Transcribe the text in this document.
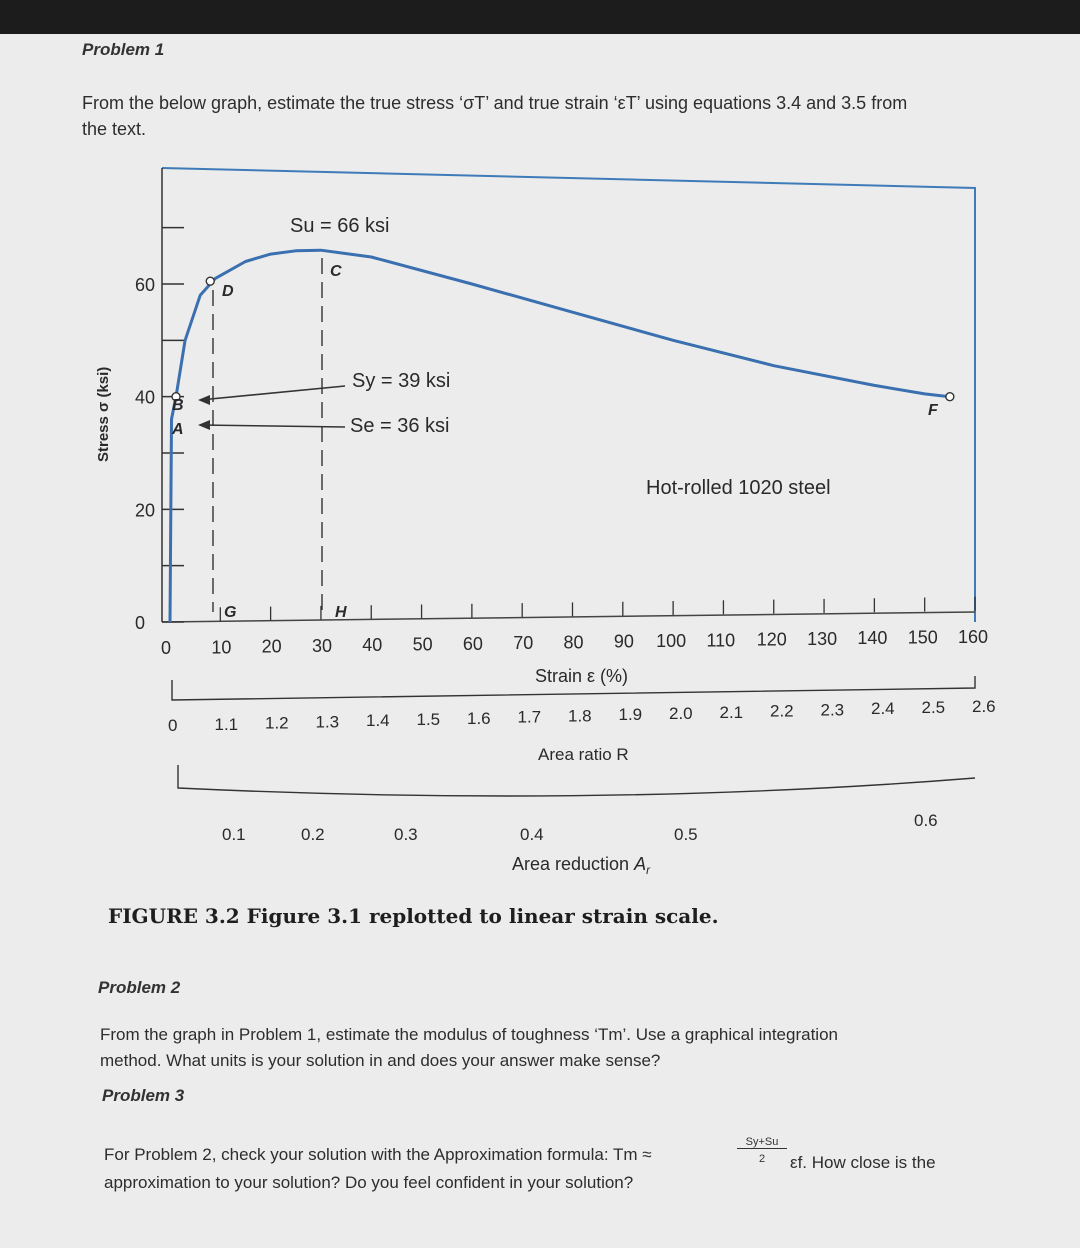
Problem 1

From the below graph, estimate the true stress ‘σT’ and true strain ‘εT’ using equations 3.4 and 3.5 from

the text.

0
20
40
60
Stress σ (ksi)
0 10 20 30 40 50 60 70 80 90 100 110 120 130 140 150 160
Strain ε (%)
0 1.1 1.2 1.3 1.4 1.5 1.6 1.7 1.8 1.9 2.0 2.1 2.2 2.3 2.4 2.5 2.6
Area ratio R
0.1	0.2	0.3	0.4	0.5
0.6
Area reduction $A_r$
A
B
D
C
F
G	H
Su = 66 ksi
Sy = 39 ksi
Se = 36 ksi
Hot-rolled 1020 steel

FIGURE 3.2 Figure 3.1 replotted to linear strain scale.

Problem 2

From the graph in Problem 1, estimate the modulus of toughness ‘Tm’. Use a graphical integration

method. What units is your solution in and does your answer make sense?

Problem 3

For Problem 2, check your solution with the Approximation formula: Tm ≈

Sy+Su
2	εf. How close is the

approximation to your solution? Do you feel confident in your solution?
